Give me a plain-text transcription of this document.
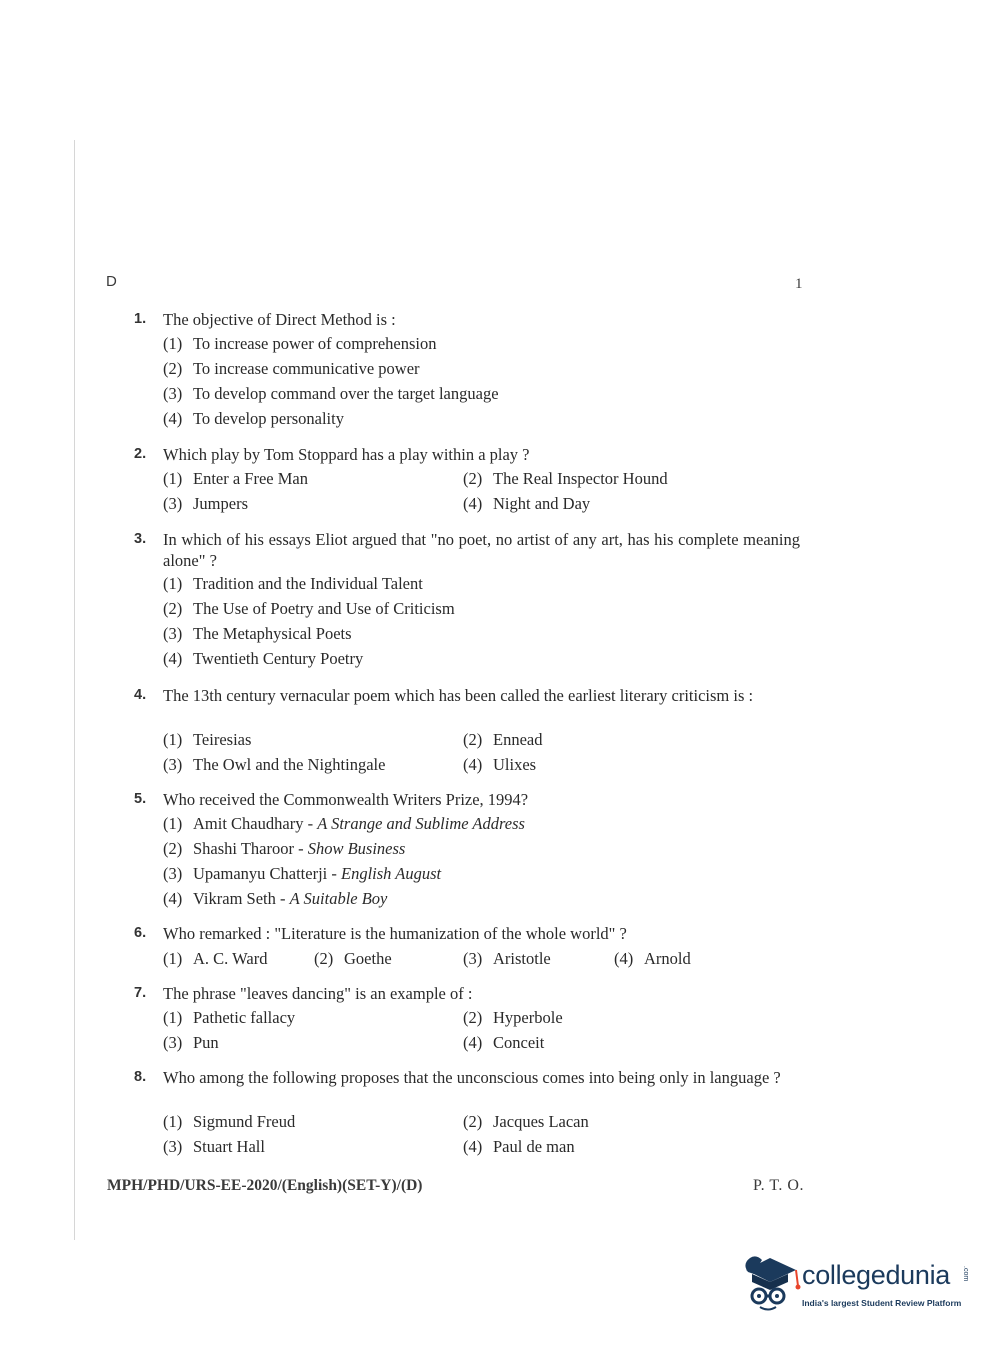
D	1
1. The objective of Direct Method is :
(1) To increase power of comprehension
(2) To increase communicative power
(3) To develop command over the target language
(4) To develop personality
2. Which play by Tom Stoppard has a play within a play ?
(1) Enter a Free Man	(2) The Real Inspector Hound
(3) Jumpers	(4) Night and Day
3. In which of his essays Eliot argued that "no poet, no artist of any art, has his complete meaning alone" ?
(1) Tradition and the Individual Talent
(2) The Use of Poetry and Use of Criticism
(3) The Metaphysical Poets
(4) Twentieth Century Poetry
4. The 13th century vernacular poem which has been called the earliest literary criticism is :
(1) Teiresias	(2) Ennead
(3) The Owl and the Nightingale	(4) Ulixes
5. Who received the Commonwealth Writers Prize, 1994?
(1) Amit Chaudhary -
A Strange and Sublime Address
(2) Shashi Tharoor -
Show Business
(3) Upamanyu Chatterji -
English August
(4) Vikram Seth -
A Suitable Boy
6. Who remarked : "Literature is the humanization of the whole world" ?
(1) A. C. Ward	(2) Goethe	(3) Aristotle	(4) Arnold
7. The phrase "leaves dancing" is an example of :
(1) Pathetic fallacy	(2) Hyperbole
(3) Pun	(4) Conceit
8. Who among the following proposes that the unconscious comes into being only in language ?
(1) Sigmund Freud	(2) Jacques Lacan
(3) Stuart Hall	(4) Paul de man
MPH/PHD/URS-EE-2020/(English)(SET-Y)/(D)	P. T. O.
collegedunia .com
India's largest Student Review Platform
